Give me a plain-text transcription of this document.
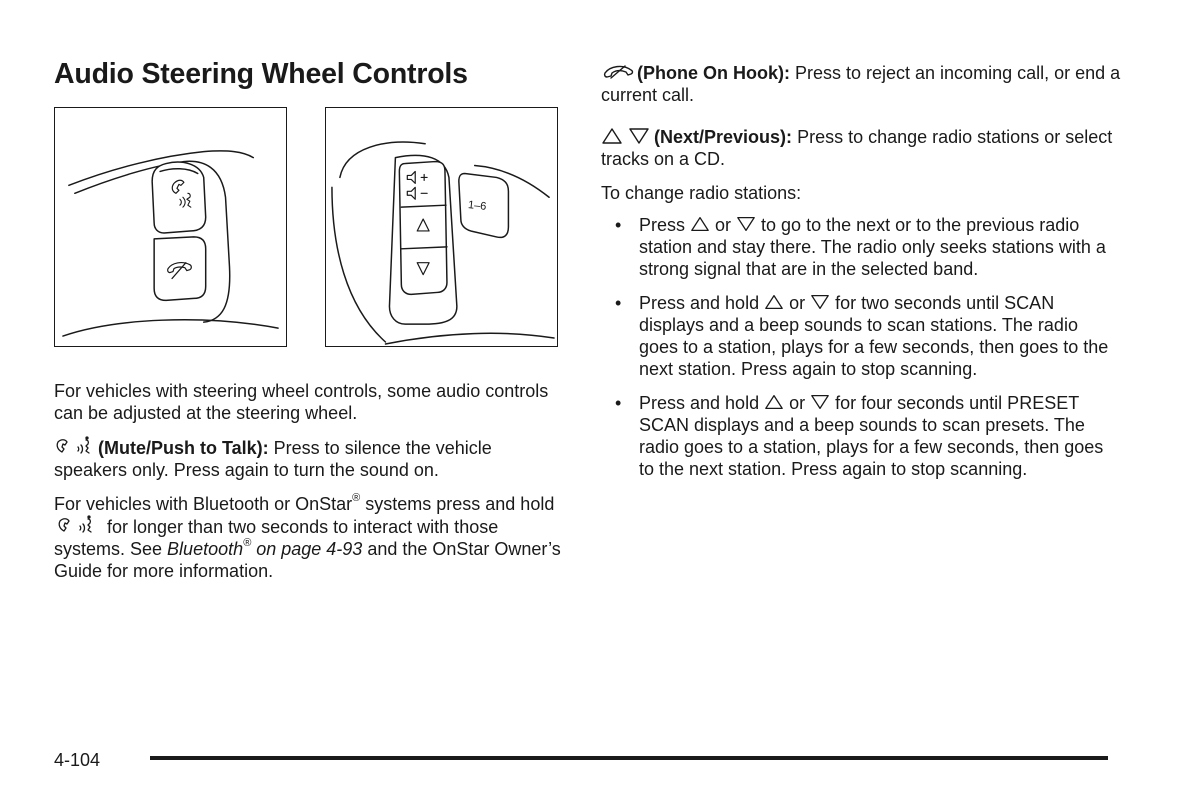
Audio Steering Wheel Controls
1–6

For vehicles with steering wheel controls, some audio controls can be adjusted at the steering wheel.

(Mute/Push to Talk): Press to silence the vehicle speakers only. Press again to turn the sound on.

For vehicles with Bluetooth or OnStar® systems press and hold
for longer than two seconds to interact with those systems. See Bluetooth® on page 4-93 and the OnStar Owner’s Guide for more information.

(Phone On Hook): Press to reject an incoming call, or end a current call.

(Next/Previous): Press to change radio stations or select tracks on a CD.

To change radio stations:

• Press
or
to go to the next or to the previous radio station and stay there. The radio only seeks stations with a strong signal that are in the selected band.
• Press and hold
or
for two seconds until SCAN displays and a beep sounds to scan stations. The radio goes to a station, plays for a few seconds, then goes to the next station. Press again to stop scanning.
• Press and hold
or
for four seconds until PRESET SCAN displays and a beep sounds to scan presets. The radio goes to a station, plays for a few seconds, then goes to the next station. Press again to stop scanning.
4-104
